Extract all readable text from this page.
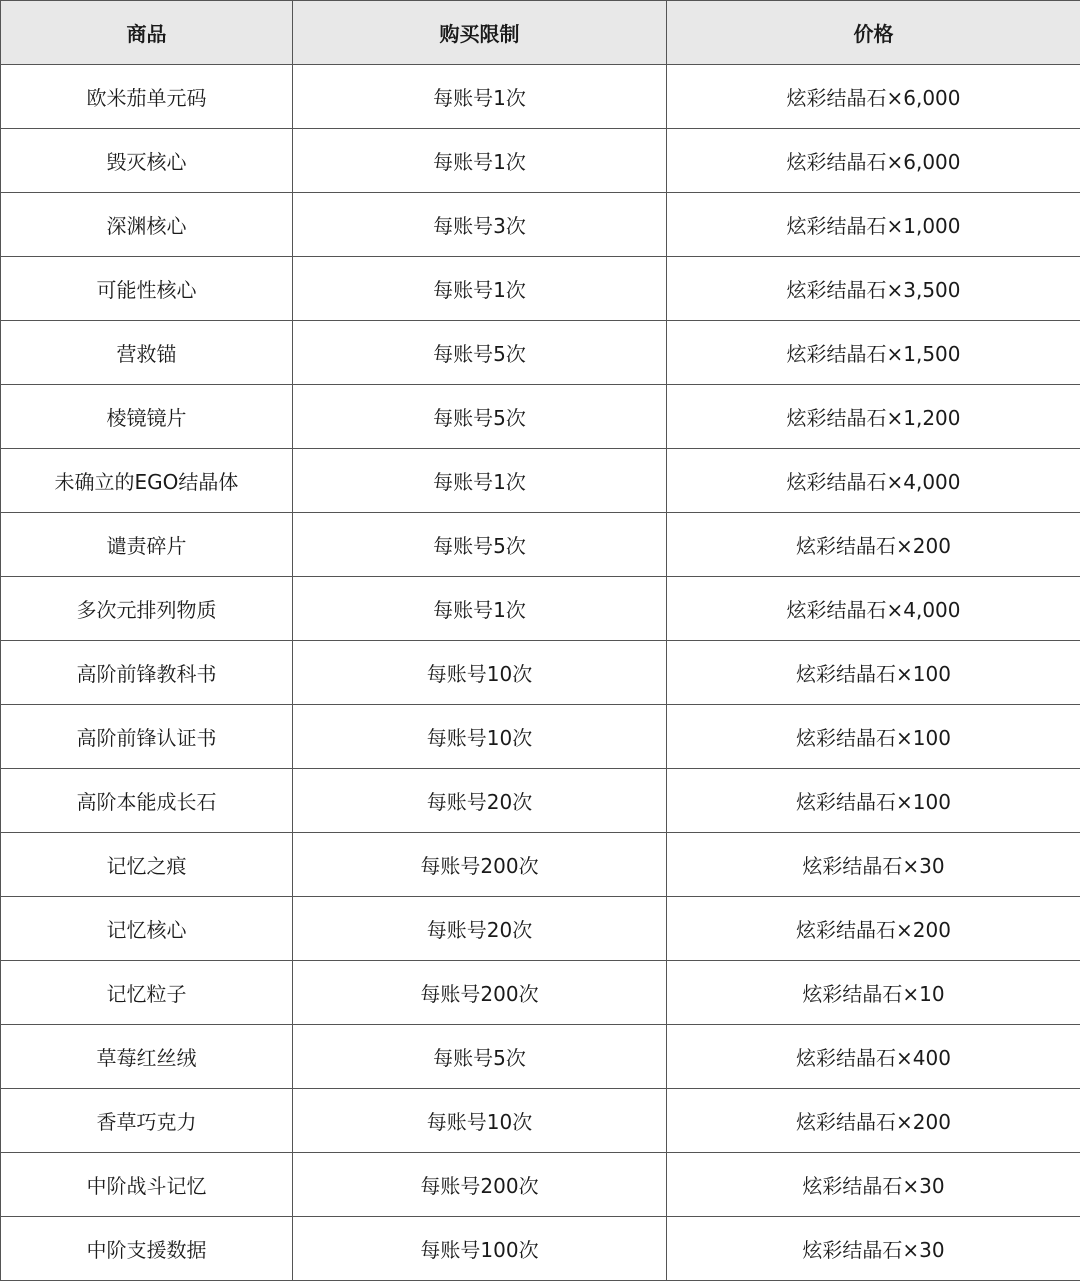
商品	购买限制	价格
欧米茄单元码	每账号1次	炫彩结晶石×6,000
毁灭核心	每账号1次	炫彩结晶石×6,000
深渊核心	每账号3次	炫彩结晶石×1,000
可能性核心	每账号1次	炫彩结晶石×3,500
营救锚	每账号5次	炫彩结晶石×1,500
棱镜镜片	每账号5次	炫彩结晶石×1,200
未确立的EGO结晶体	每账号1次	炫彩结晶石×4,000
谴责碎片	每账号5次	炫彩结晶石×200
多次元排列物质	每账号1次	炫彩结晶石×4,000
高阶前锋教科书	每账号10次	炫彩结晶石×100
高阶前锋认证书	每账号10次	炫彩结晶石×100
高阶本能成长石	每账号20次	炫彩结晶石×100
记忆之痕	每账号200次	炫彩结晶石×30
记忆核心	每账号20次	炫彩结晶石×200
记忆粒子	每账号200次	炫彩结晶石×10
草莓红丝绒	每账号5次	炫彩结晶石×400
香草巧克力	每账号10次	炫彩结晶石×200
中阶战斗记忆	每账号200次	炫彩结晶石×30
中阶支援数据	每账号100次	炫彩结晶石×30
